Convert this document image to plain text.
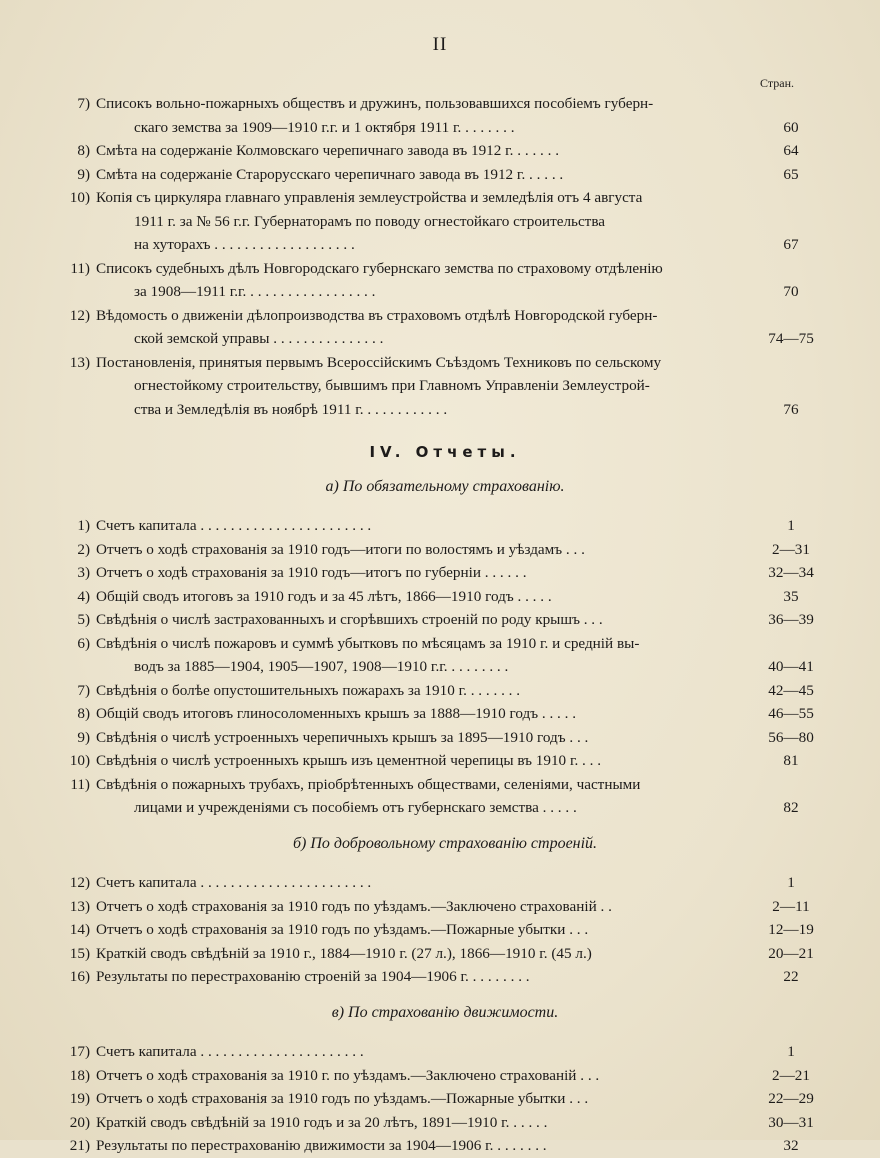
II
Стран.
7) Списокъ вольно-пожарныхъ обществъ и дружинъ, пользовавшихся пособіемъ губерн-
скаго земства за 1909—1910 г.г. и 1 октября 1911 г. . . . . . . .	60
8) Смѣта на содержаніе Колмовскаго черепичнаго завода въ 1912 г. . . . . . .	64
9) Смѣта на содержаніе Старорусскаго черепичнаго завода въ 1912 г. . . . . .	65
10) Копія съ циркуляра главнаго управленія землеустройства и земледѣлія отъ 4 августа
1911 г. за № 56 г.г. Губернаторамъ по поводу огнестойкаго строительства
на хуторахъ . . . . . . . . . . . . . . . . . . .	67
11) Списокъ судебныхъ дѣлъ Новгородскаго губернскаго земства по страховому отдѣленію
за 1908—1911 г.г. . . . . . . . . . . . . . . . . .	70
12) Вѣдомость о движеніи дѣлопроизводства въ страховомъ отдѣлѣ Новгородской губерн-
ской земской управы . . . . . . . . . . . . . . .	74—75
13) Постановленія, принятыя первымъ Всероссійскимъ Съѣздомъ Техниковъ по сельскому
огнестойкому строительству, бывшимъ при Главномъ Управленіи Землеустрой-
ства и Земледѣлія въ ноябрѣ 1911 г. . . . . . . . . . . .	76
IV. Отчеты.
а) По обязательному страхованію.
1) Счетъ капитала . . . . . . . . . . . . . . . . . . . . . . .	1
2) Отчетъ о ходѣ страхованія за 1910 годъ—итоги по волостямъ и уѣздамъ . . .	2—31
3) Отчетъ о ходѣ страхованія за 1910 годъ—итогъ по губерніи . . . . . .	32—34
4) Общій сводъ итоговъ за 1910 годъ и за 45 лѣтъ, 1866—1910 годъ . . . . .	35
5) Свѣдѣнія о числѣ застрахованныхъ и сгорѣвшихъ строеній по роду крышъ . . .	36—39
6) Свѣдѣнія о числѣ пожаровъ и суммѣ убытковъ по мѣсяцамъ за 1910 г. и средній вы-
водъ за 1885—1904, 1905—1907, 1908—1910 г.г. . . . . . . . .	40—41
7) Свѣдѣнія о болѣе опустошительныхъ пожарахъ за 1910 г. . . . . . . .	42—45
8) Общій сводъ итоговъ глиносоломенныхъ крышъ за 1888—1910 годъ . . . . .	46—55
9) Свѣдѣнія о числѣ устроенныхъ черепичныхъ крышъ за 1895—1910 годъ . . .	56—80
10) Свѣдѣнія о числѣ устроенныхъ крышъ изъ цементной черепицы въ 1910 г. . . .	81
11) Свѣдѣнія о пожарныхъ трубахъ, пріобрѣтенныхъ обществами, селеніями, частными
лицами и учрежденіями съ пособіемъ отъ губернскаго земства . . . . .	82
б) По добровольному страхованію строеній.
12) Счетъ капитала . . . . . . . . . . . . . . . . . . . . . . .	1
13) Отчетъ о ходѣ страхованія за 1910 годъ по уѣздамъ.—Заключено страхованій . .	2—11
14) Отчетъ о ходѣ страхованія за 1910 годъ по уѣздамъ.—Пожарные убытки . . .	12—19
15) Краткій сводъ свѣдѣній за 1910 г., 1884—1910 г. (27 л.), 1866—1910 г. (45 л.)	20—21
16) Результаты по перестрахованію строеній за 1904—1906 г. . . . . . . . .	22
в) По страхованію движимости.
17) Счетъ капитала . . . . . . . . . . . . . . . . . . . . . .	1
18) Отчетъ о ходѣ страхованія за 1910 г. по уѣздамъ.—Заключено страхованій . . .	2—21
19) Отчетъ о ходѣ страхованія за 1910 годъ по уѣздамъ.—Пожарные убытки . . .	22—29
20) Краткій сводъ свѣдѣній за 1910 годъ и за 20 лѣтъ, 1891—1910 г. . . . . .	30—31
21) Результаты по перестрахованію движимости за 1904—1906 г. . . . . . . .	32
